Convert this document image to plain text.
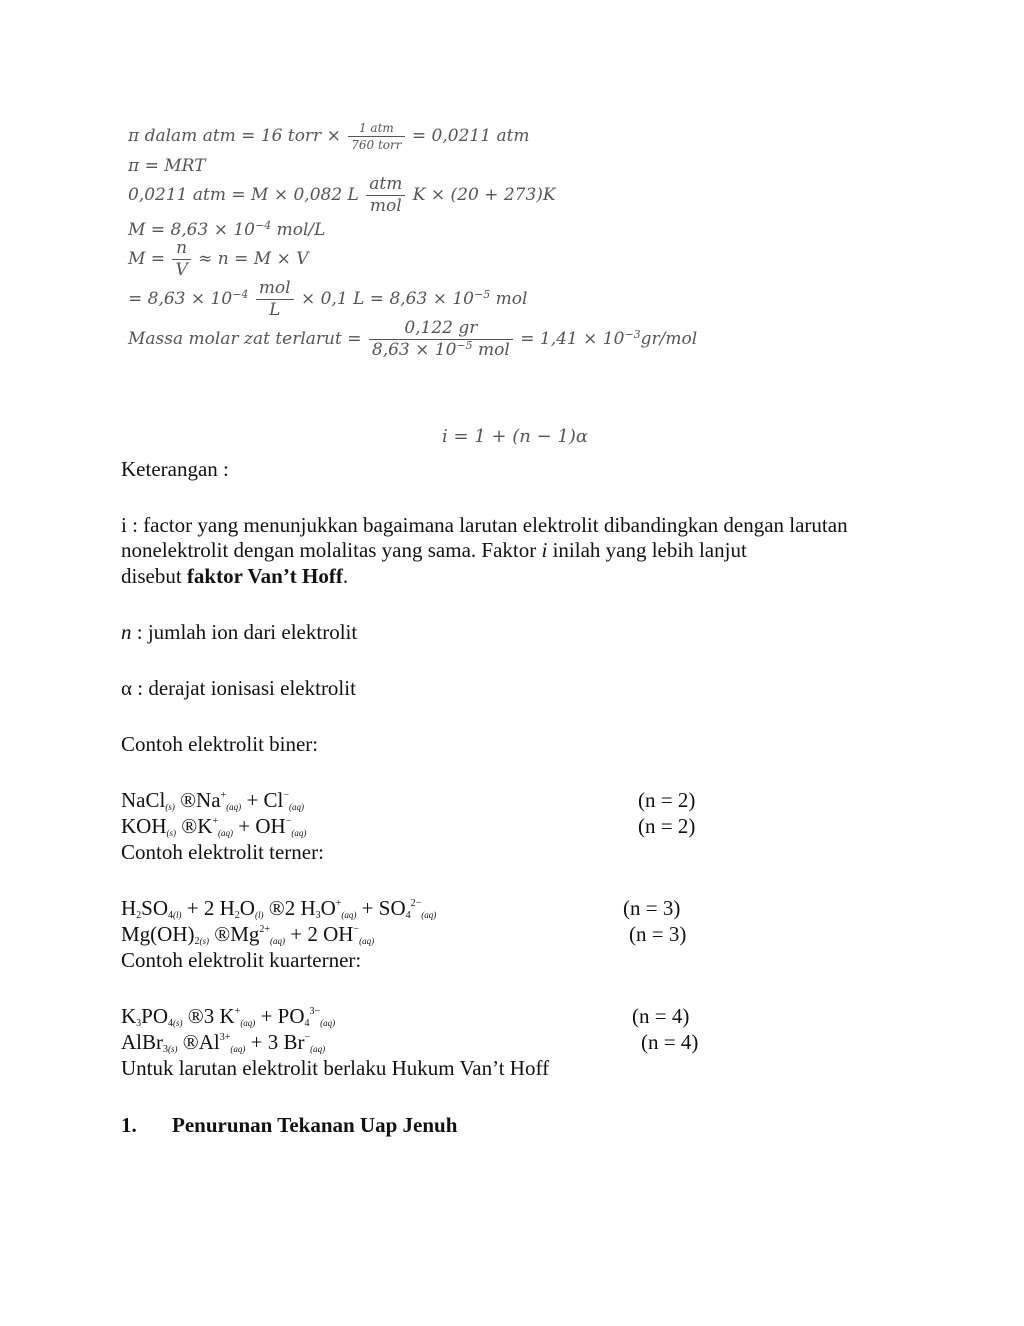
π dalam atm = 16 torr × $\frac{\text{1 atm}}{\text{760 torr}} = 0,0211$ atm
π = MRT
0,0211 atm = M × 0,082 L $\frac{\text{atm}}{\text{mol}}$ K × (20 + 273)K
$M = 8,63 \times 10^{-4}$ mol/L
$M = \frac{n}{V} \approx n = M \times V$
= $8,63 \times 10^{-4} \frac{\text{mol}}{L} \times 0,1$ $L = 8,63 \times 10^{-5}$ mol
Massa molar zat terlarut = $\frac{0,122 gr}{8,63 \times 10^{-5} mol} = 1,41 \times 10^{-3}gr/mol$
i = 1 + (n − 1)α
Keterangan :
i : factor yang menunjukkan bagaimana larutan elektrolit dibandingkan dengan larutan
nonelektrolit dengan molalitas yang sama. Faktor i inilah yang lebih lanjut
disebut faktor Van’t Hoff.
n : jumlah ion dari elektrolit
α : derajat ionisasi elektrolit
Contoh elektrolit biner:
NaCl$_{(s)}$ $®Na^+_{(aq)} + Cl^-_{(aq)}$	(n = 2)
$KOH_{(s)}$ $®K^+_{(aq)} + OH^-_{(aq)}$	(n = 2)
Contoh elektrolit terner:
$H_2SO_{4(l)} + 2$ $H_2O_{(l)}$ ®2 $H_3O^+_{(aq)} + SO_4^{2-}_{(aq)}$	(n = 3)
$Mg(OH)_{2(s)}$ $®Mg^{2+}_{(aq)} + 2$ $OH^-_{(aq)}$	(n = 3)
Contoh elektrolit kuarterner:
$K_3PO_{4(s)}$ ®3 $K^+_{(aq)} + PO_4^{3-}_{(aq)}$	(n = 4)
AlBr$_{3(s)}$ $®Al^{3+}_{(aq)} + 3$ $Br^-_{(aq)}$	(n = 4)
Untuk larutan elektrolit berlaku Hukum Van’t Hoff
1. Penurunan Tekanan Uap Jenuh
